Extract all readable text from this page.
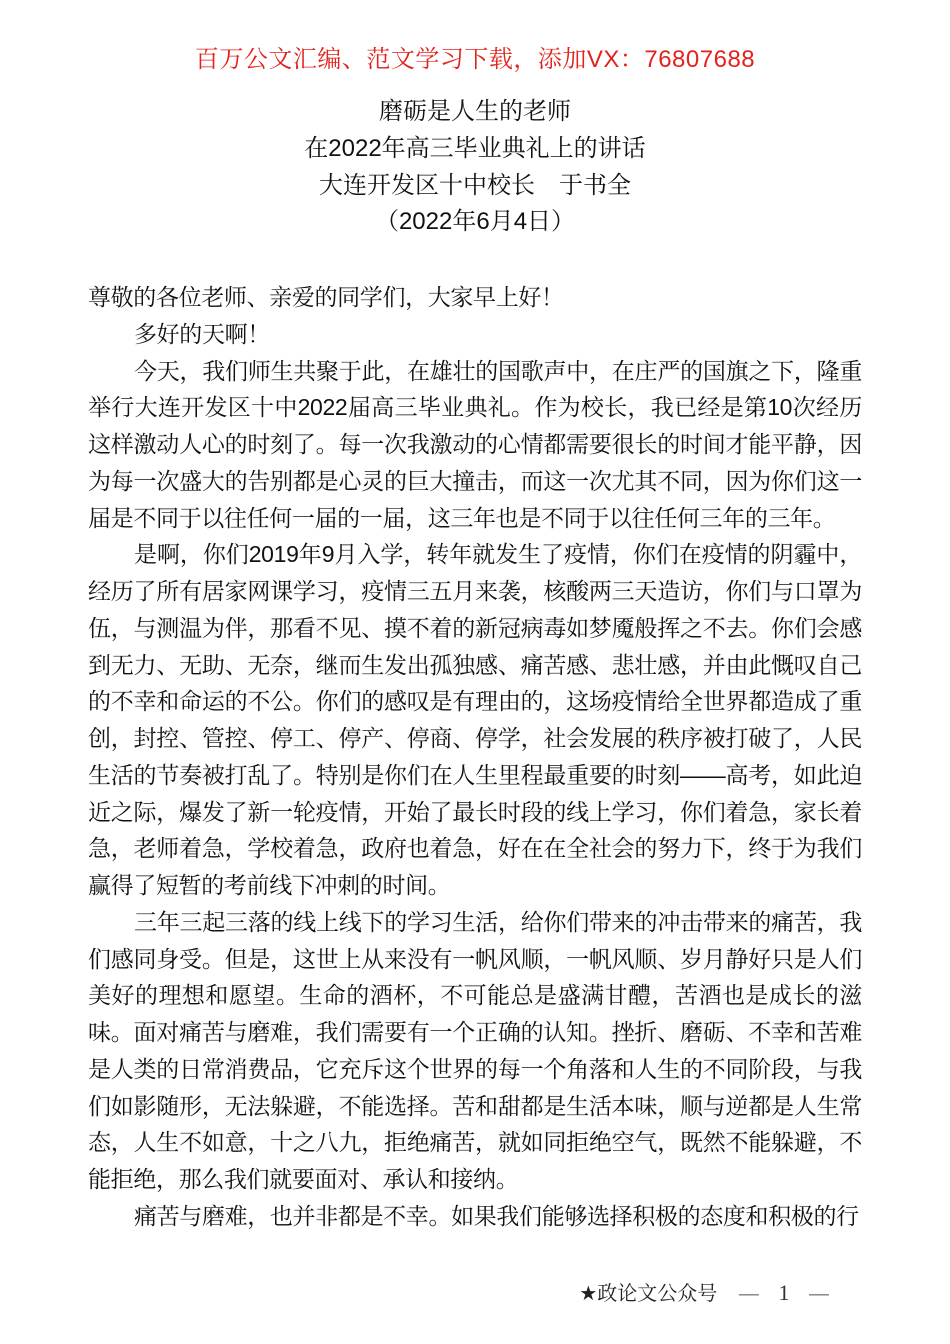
百万公文汇编、范文学习下载，添加VX：76807688
磨砺是人生的老师
在2022年高三毕业典礼上的讲话
大连开发区十中校长　于书全
（2022年6月4日）

尊敬的各位老师、亲爱的同学们，大家早上好！

多好的天啊！

今天，我们师生共聚于此，在雄壮的国歌声中，在庄严的国旗之下，隆重举行大连开发区十中2022届高三毕业典礼。作为校长，我已经是第10次经历这样激动人心的时刻了。每一次我激动的心情都需要很长的时间才能平静，因为每一次盛大的告别都是心灵的巨大撞击，而这一次尤其不同，因为你们这一届是不同于以往任何一届的一届，这三年也是不同于以往任何三年的三年。

是啊，你们2019年9月入学，转年就发生了疫情，你们在疫情的阴霾中，经历了所有居家网课学习，疫情三五月来袭，核酸两三天造访，你们与口罩为伍，与测温为伴，那看不见、摸不着的新冠病毒如梦魇般挥之不去。你们会感到无力、无助、无奈，继而生发出孤独感、痛苦感、悲壮感，并由此慨叹自己的不幸和命运的不公。你们的感叹是有理由的，这场疫情给全世界都造成了重创，封控、管控、停工、停产、停商、停学，社会发展的秩序被打破了，人民生活的节奏被打乱了。特别是你们在人生里程最重要的时刻——高考，如此迫近之际，爆发了新一轮疫情，开始了最长时段的线上学习，你们着急，家长着急，老师着急，学校着急，政府也着急，好在在全社会的努力下，终于为我们赢得了短暂的考前线下冲刺的时间。

三年三起三落的线上线下的学习生活，给你们带来的冲击带来的痛苦，我们感同身受。但是，这世上从来没有一帆风顺，一帆风顺、岁月静好只是人们美好的理想和愿望。生命的酒杯，不可能总是盛满甘醴，苦酒也是成长的滋味。面对痛苦与磨难，我们需要有一个正确的认知。挫折、磨砺、不幸和苦难是人类的日常消费品，它充斥这个世界的每一个角落和人生的不同阶段，与我们如影随形，无法躲避，不能选择。苦和甜都是生活本味，顺与逆都是人生常态，人生不如意，十之八九，拒绝痛苦，就如同拒绝空气，既然不能躲避，不能拒绝，那么我们就要面对、承认和接纳。

痛苦与磨难，也并非都是不幸。如果我们能够选择积极的态度和积极的行

★政论文公众号 — 1 —
